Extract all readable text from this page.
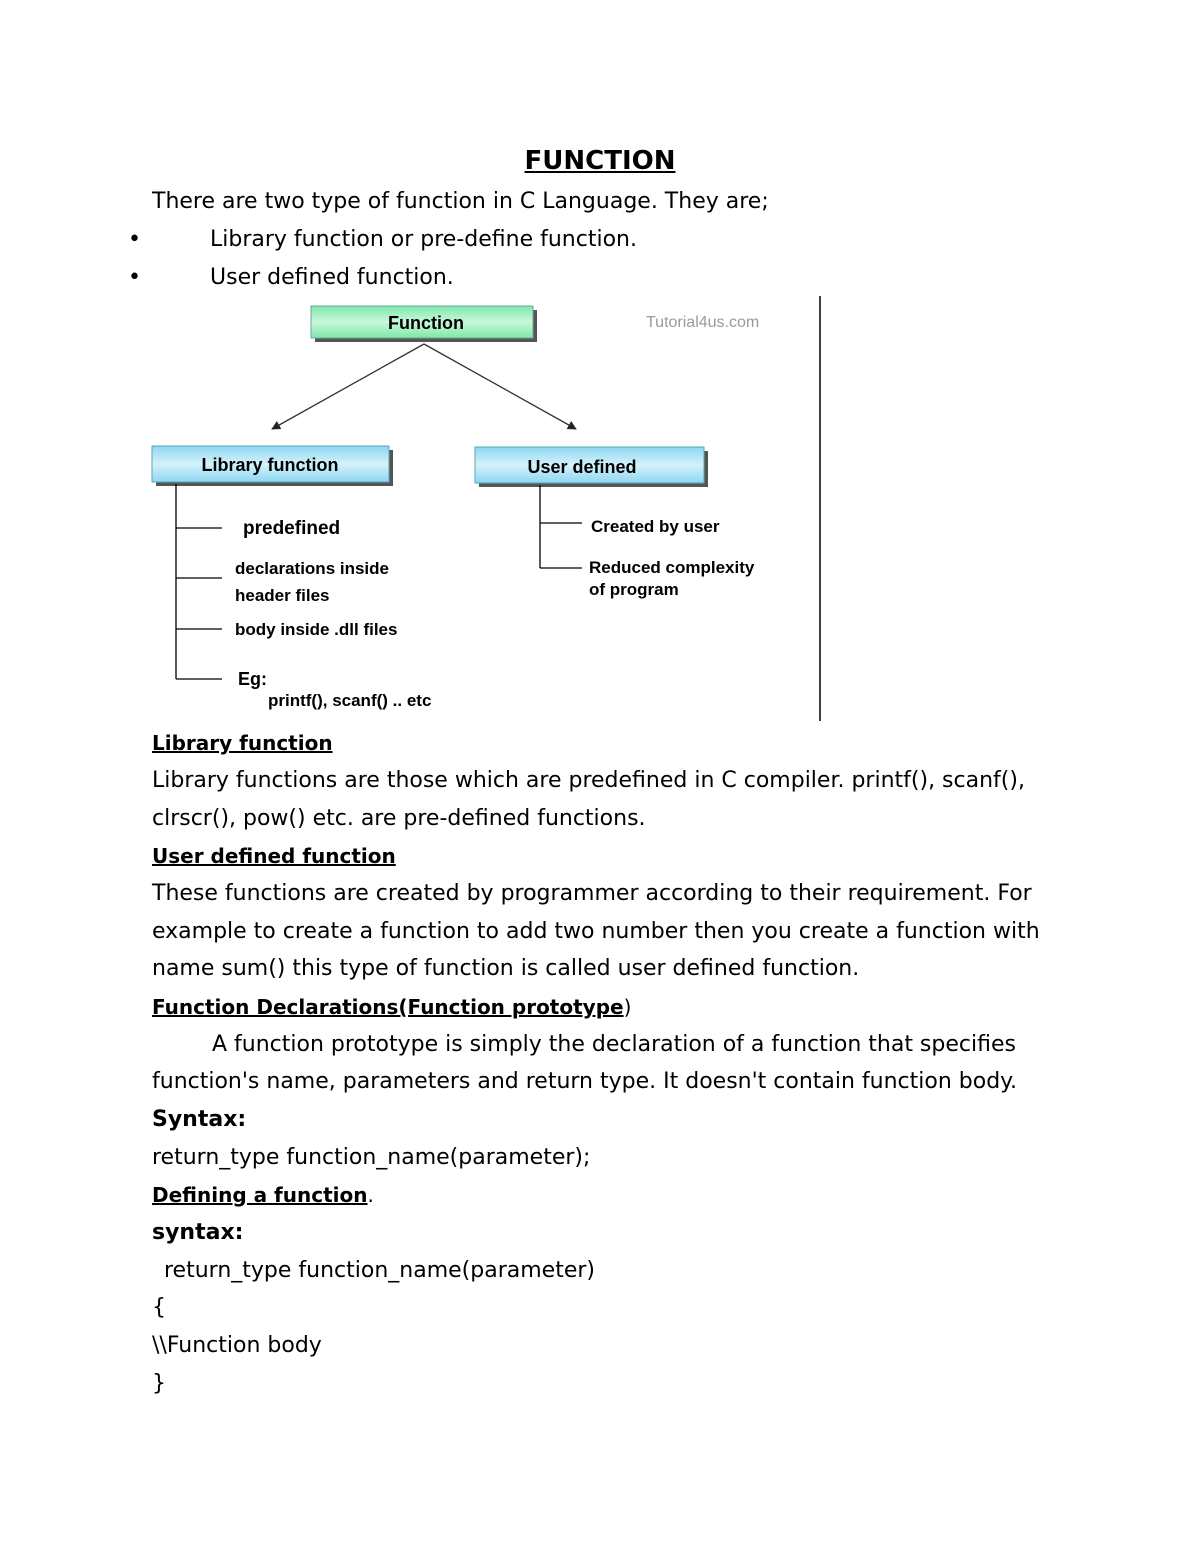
FUNCTION
There are two type of function in C Language. They are;
•	Library function or pre-define function.
•	User defined function.
Tutorial4us.com
Function
Library function	User defined
predefined
declarations inside
header files
body inside .dll files
Eg:
printf(), scanf() .. etc
Created by user
Reduced complexity
of program
Library function
Library functions are those which are predefined in C compiler. printf(), scanf(),
clrscr(), pow() etc. are pre-defined functions.
User defined function
These functions are created by programmer according to their requirement. For
example to create a function to add two number then you create a function with
name sum() this type of function is called user defined function.
Function Declarations(Function prototype)
A function prototype is simply the declaration of a function that specifies
function's name, parameters and return type. It doesn't contain function body.
Syntax:
return_type function_name(parameter);
Defining a function.
syntax:
return_type function_name(parameter)
{
\\Function body
}
